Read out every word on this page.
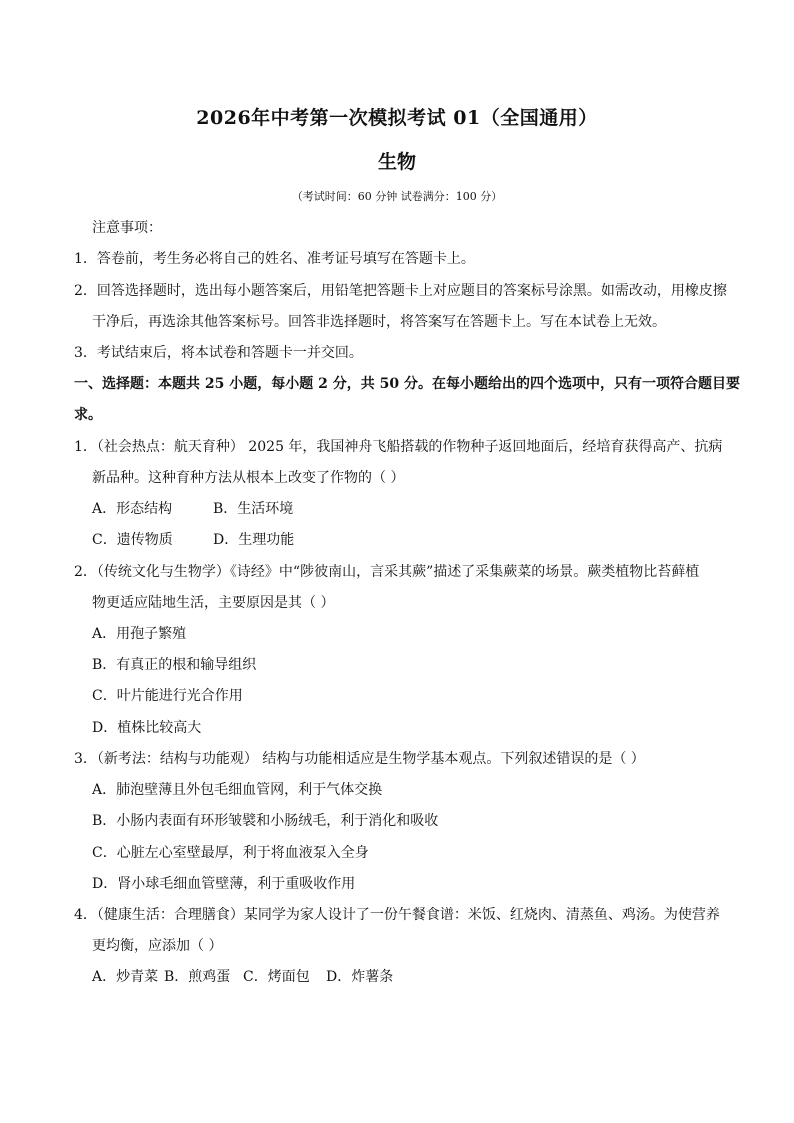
2026年中考第一次模拟考试 01（全国通用）
生物
（考试时间：60 分钟 试卷满分：100 分）
注意事项：
1．答卷前，考生务必将自己的姓名、准考证号填写在答题卡上。
2．回答选择题时，选出每小题答案后，用铅笔把答题卡上对应题目的答案标号涂黑。如需改动，用橡皮擦
干净后，再选涂其他答案标号。回答非选择题时，将答案写在答题卡上。写在本试卷上无效。
3．考试结束后，将本试卷和答题卡一并交回。
一、选择题：本题共 25 小题，每小题 2 分，共 50 分。在每小题给出的四个选项中，只有一项符合题目要
求。
1．（社会热点：航天育种） 2025 年，我国神舟飞船搭载的作物种子返回地面后，经培育获得高产、抗病
新品种。这种育种方法从根本上改变了作物的（ ）
A．形态结构	B．生活环境
C．遗传物质	D．生理功能
2．（传统文化与生物学）《诗经》中“陟彼南山，言采其蕨”描述了采集蕨菜的场景。蕨类植物比苔藓植
物更适应陆地生活，主要原因是其（ ）
A．用孢子繁殖
B．有真正的根和输导组织
C．叶片能进行光合作用
D．植株比较高大
3．（新考法：结构与功能观） 结构与功能相适应是生物学基本观点。下列叙述错误的是（ ）
A．肺泡壁薄且外包毛细血管网，利于气体交换
B．小肠内表面有环形皱襞和小肠绒毛，利于消化和吸收
C．心脏左心室壁最厚，利于将血液泵入全身
D．肾小球毛细血管壁薄，利于重吸收作用
4．（健康生活：合理膳食）某同学为家人设计了一份午餐食谱：米饭、红烧肉、清蒸鱼、鸡汤。为使营养
更均衡，应添加（ ）
A．炒青菜 B．煎鸡蛋 C．烤面包 D．炸薯条
